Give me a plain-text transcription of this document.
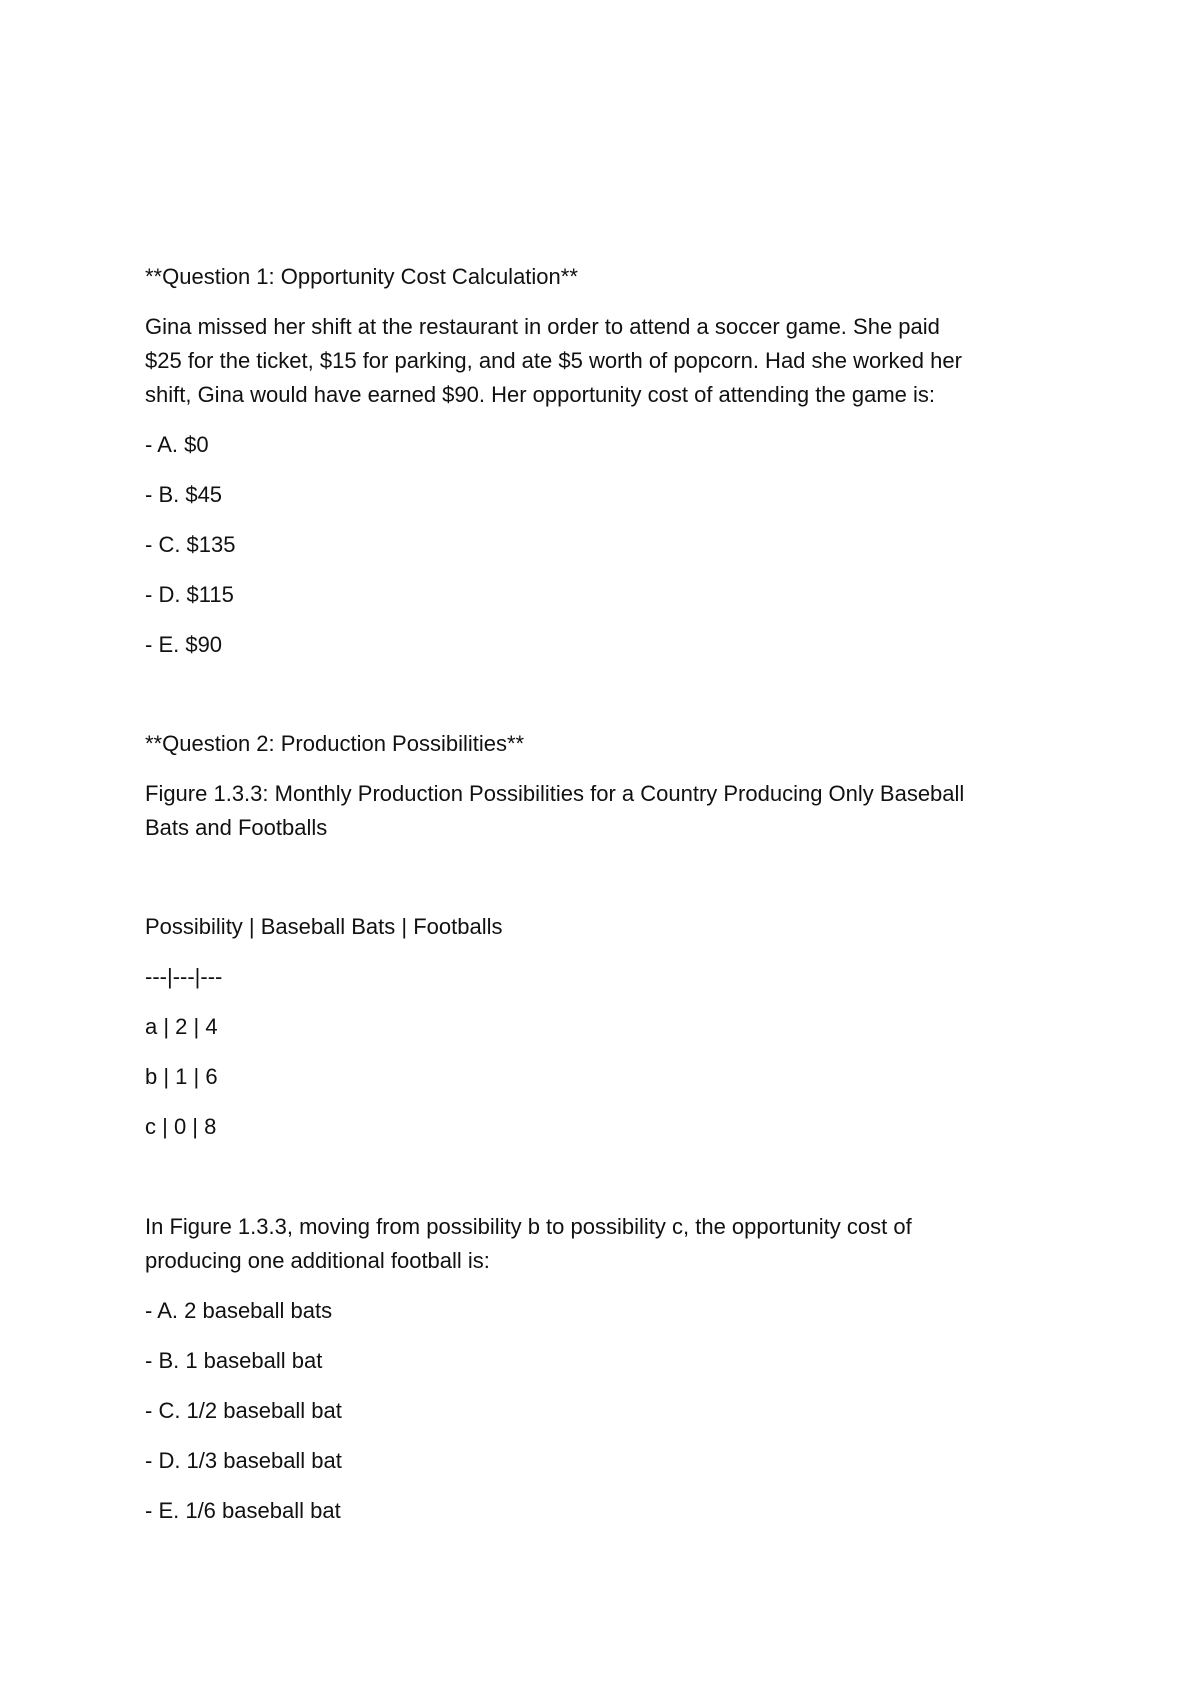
**Question 1: Opportunity Cost Calculation**
Gina missed her shift at the restaurant in order to attend a soccer game. She paid
$25 for the ticket, $15 for parking, and ate $5 worth of popcorn. Had she worked her
shift, Gina would have earned $90. Her opportunity cost of attending the game is:
- A. $0
- B. $45
- C. $135
- D. $115
- E. $90
**Question 2: Production Possibilities**
Figure 1.3.3: Monthly Production Possibilities for a Country Producing Only Baseball
Bats and Footballs
Possibility | Baseball Bats | Footballs
---|---|---
a | 2 | 4
b | 1 | 6
c | 0 | 8
In Figure 1.3.3, moving from possibility b to possibility c, the opportunity cost of
producing one additional football is:
- A. 2 baseball bats
- B. 1 baseball bat
- C. 1/2 baseball bat
- D. 1/3 baseball bat
- E. 1/6 baseball bat
